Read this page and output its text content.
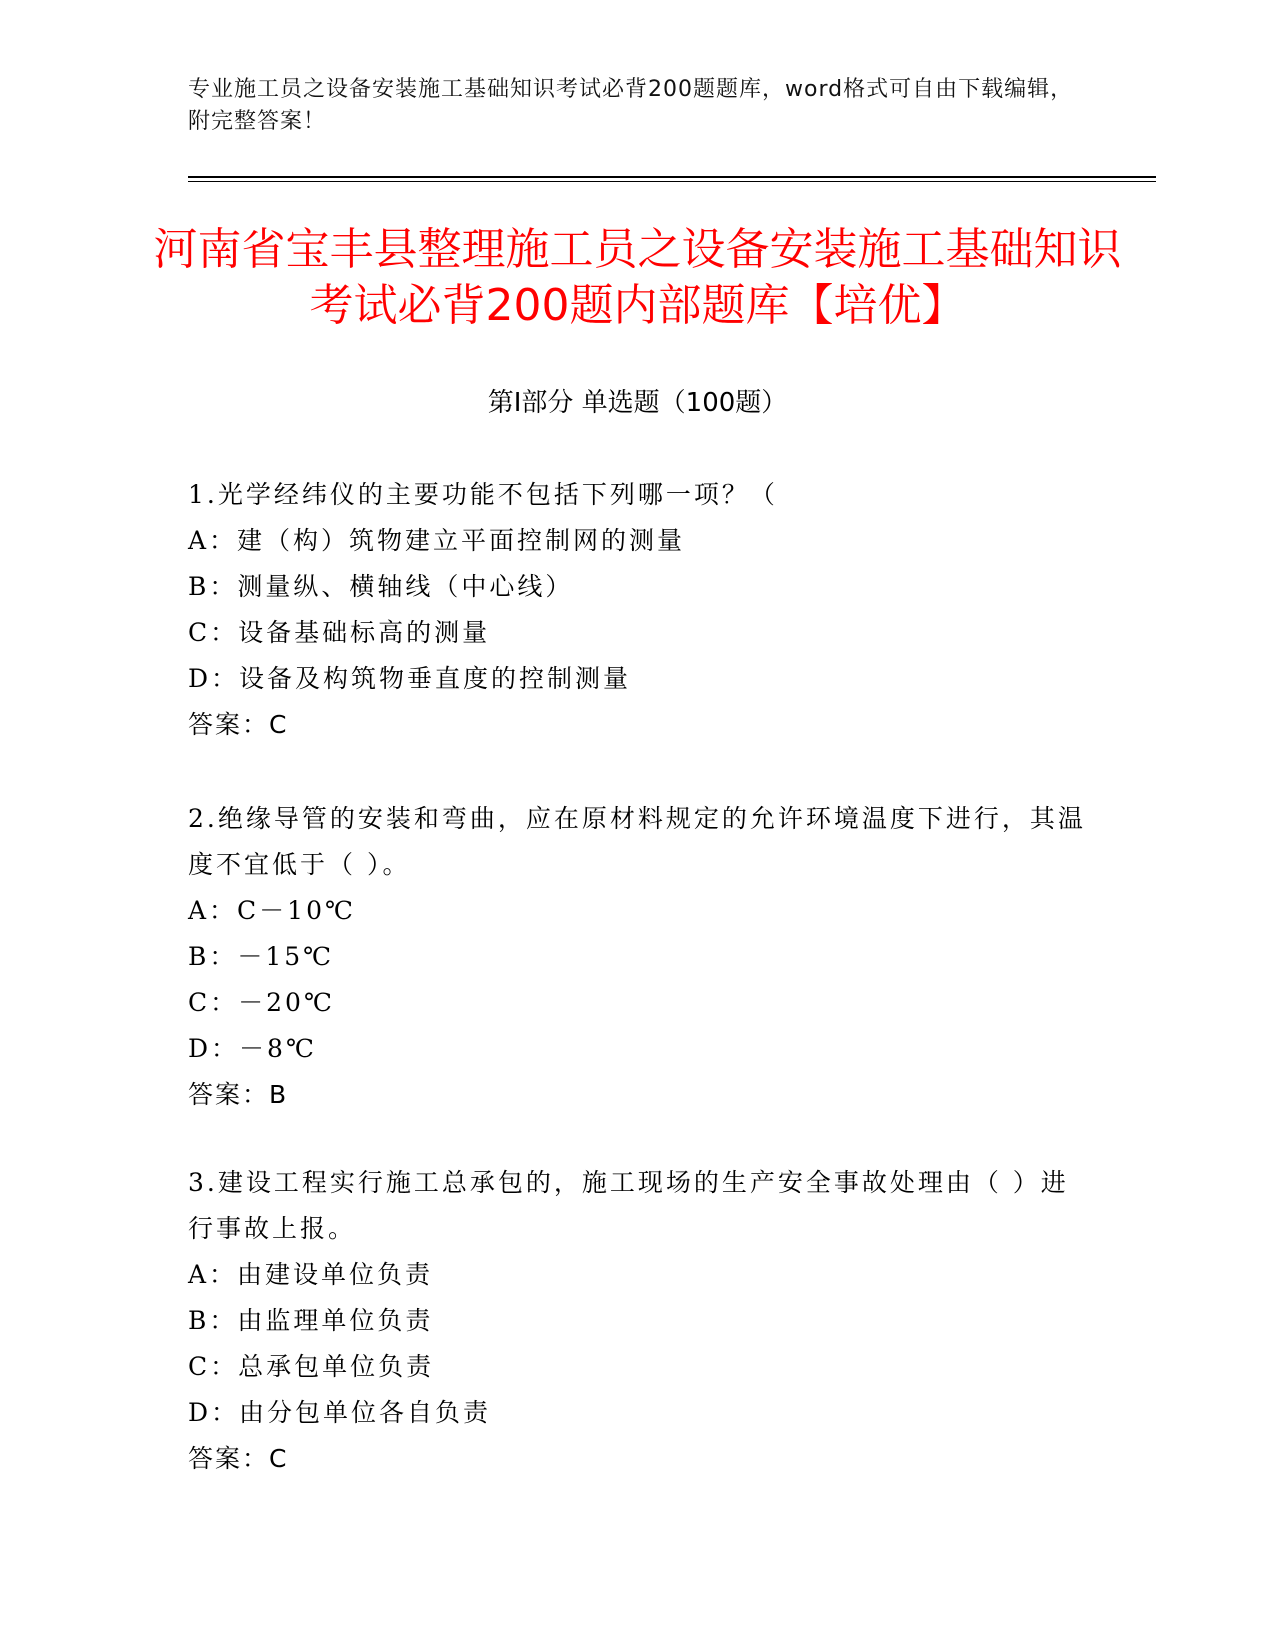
专业施工员之设备安装施工基础知识考试必背200题题库，word格式可自由下载编辑，附完整答案！
河南省宝丰县整理施工员之设备安装施工基础知识考试必背200题内部题库【培优】
第Ⅰ部分 单选题（100题）
1.光学经纬仪的主要功能不包括下列哪一项？（
A：建（构）筑物建立平面控制网的测量
B：测量纵、横轴线（中心线）
C：设备基础标高的测量
D：设备及构筑物垂直度的控制测量
答案：C
2.绝缘导管的安装和弯曲，应在原材料规定的允许环境温度下进行，其温度不宜低于（ ）。
A：C－10℃
B：－15℃
C：－20℃
D：－8℃
答案：B
3.建设工程实行施工总承包的，施工现场的生产安全事故处理由（ ）进行事故上报。
A：由建设单位负责
B：由监理单位负责
C：总承包单位负责
D：由分包单位各自负责
答案：C
